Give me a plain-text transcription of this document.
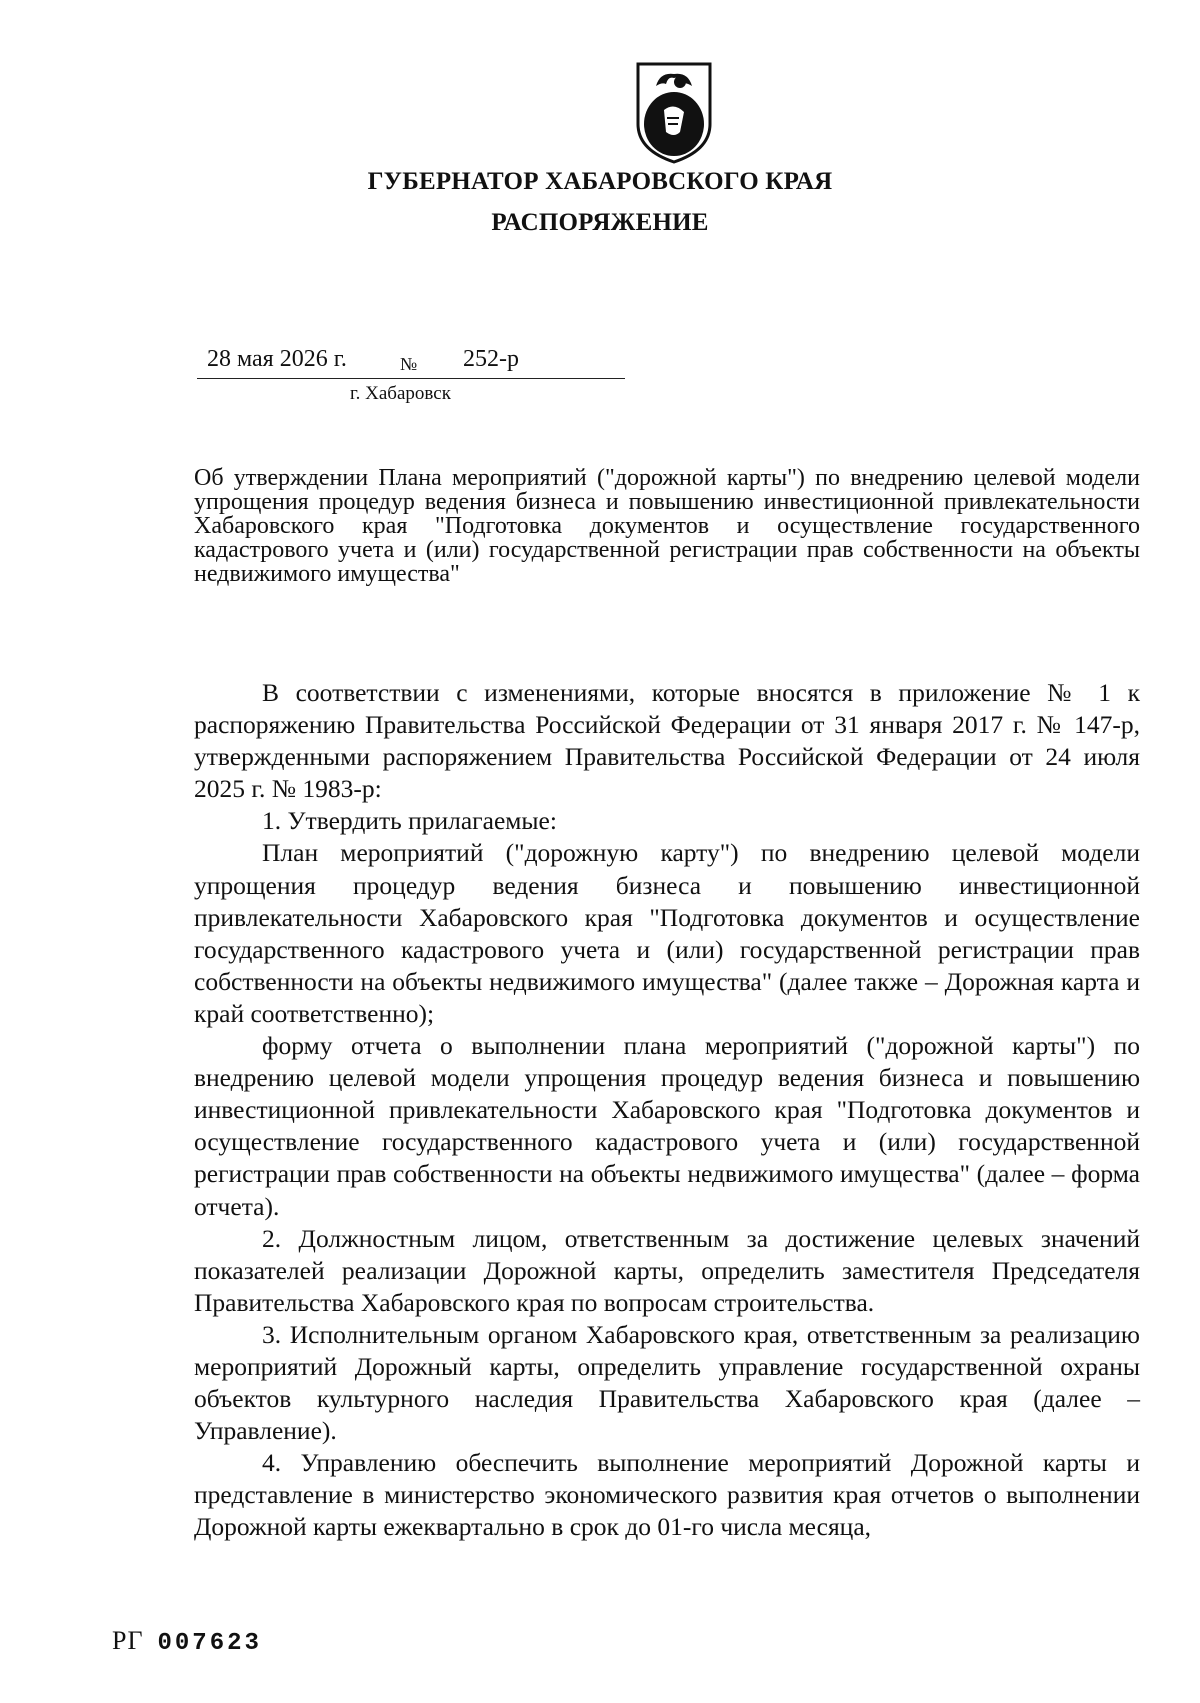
ГУБЕРНАТОР ХАБАРОВСКОГО КРАЯ
РАСПОРЯЖЕНИЕ
28 мая 2026 г.	№ 252-р
г. Хабаровск
Об утверждении Плана мероприятий ("дорожной карты") по внедрению целевой модели упрощения процедур ведения бизнеса и повышению инвестиционной привлекательности Хабаровского края "Подготовка документов и осуществление государственного кадастрового учета и (или) государственной регистрации прав собственности на объекты недвижимого имущества"

В соответствии с изменениями, которые вносятся в приложение № 1 к распоряжению Правительства Российской Федерации от 31 января 2017 г. № 147-р, утвержденными распоряжением Правительства Российской Федерации от 24 июля 2025 г. № 1983-р:

1. Утвердить прилагаемые:

План мероприятий ("дорожную карту") по внедрению целевой модели упрощения процедур ведения бизнеса и повышению инвестиционной привлекательности Хабаровского края "Подготовка документов и осуществление государственного кадастрового учета и (или) государственной регистрации прав собственности на объекты недвижимого имущества" (далее также – Дорожная карта и край соответственно);

форму отчета о выполнении плана мероприятий ("дорожной карты") по внедрению целевой модели упрощения процедур ведения бизнеса и повышению инвестиционной привлекательности Хабаровского края "Подготовка документов и осуществление государственного кадастрового учета и (или) государственной регистрации прав собственности на объекты недвижимого имущества" (далее – форма отчета).

2. Должностным лицом, ответственным за достижение целевых значений показателей реализации Дорожной карты, определить заместителя Председателя Правительства Хабаровского края по вопросам строительства.

3. Исполнительным органом Хабаровского края, ответственным за реализацию мероприятий Дорожный карты, определить управление государственной охраны объектов культурного наследия Правительства Хабаровского края (далее – Управление).

4. Управлению обеспечить выполнение мероприятий Дорожной карты и представление в министерство экономического развития края отчетов о выполнении Дорожной карты ежеквартально в срок до 01-го числа месяца,

РГ 007623
